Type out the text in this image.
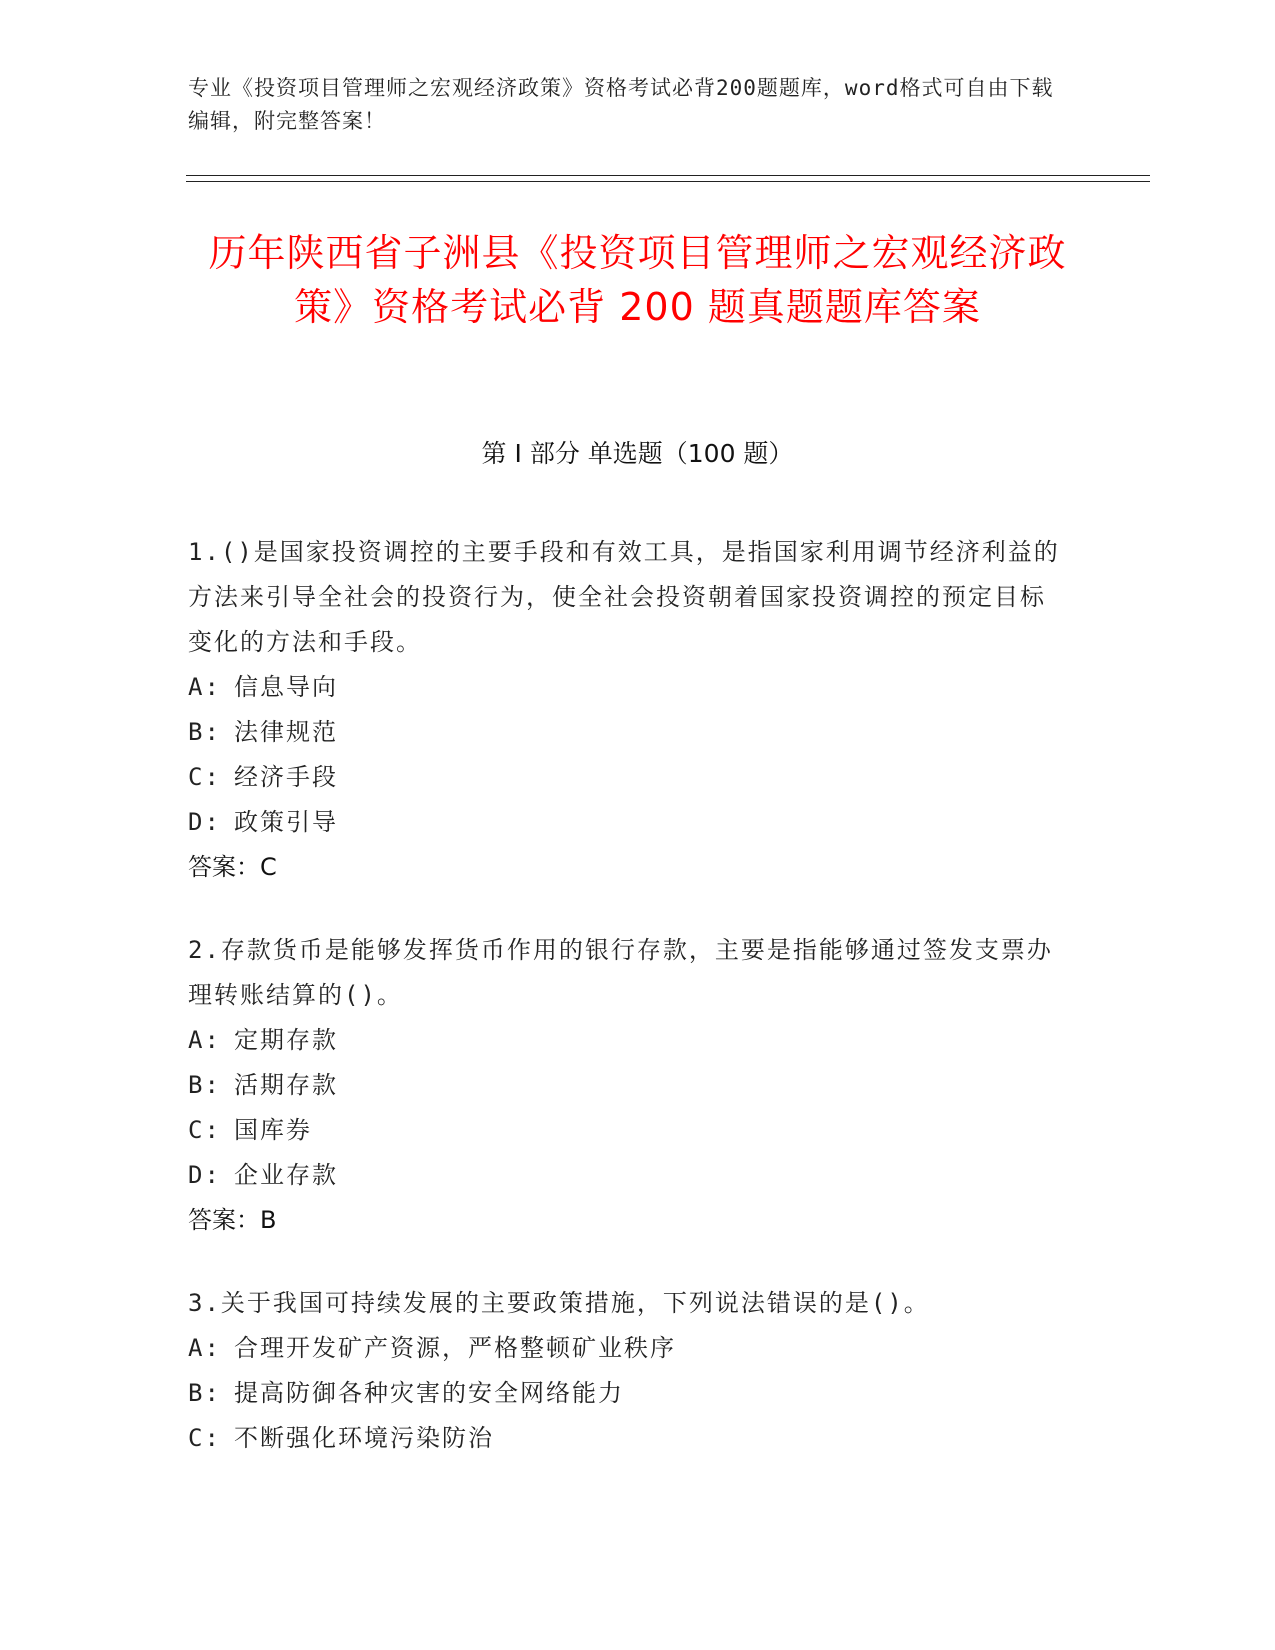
专业《投资项目管理师之宏观经济政策》资格考试必背200题题库，word格式可自由下载编辑，附完整答案！
历年陕西省子洲县《投资项目管理师之宏观经济政策》资格考试必背 200 题真题题库答案
第 I 部分 单选题（100 题）
1.()是国家投资调控的主要手段和有效工具，是指国家利用调节经济利益的方法来引导全社会的投资行为，使全社会投资朝着国家投资调控的预定目标变化的方法和手段。
A: 信息导向
B: 法律规范
C: 经济手段
D: 政策引导
答案：C
2.存款货币是能够发挥货币作用的银行存款，主要是指能够通过签发支票办理转账结算的()。
A: 定期存款
B: 活期存款
C: 国库券
D: 企业存款
答案：B
3.关于我国可持续发展的主要政策措施，下列说法错误的是()。
A: 合理开发矿产资源，严格整顿矿业秩序
B: 提高防御各种灾害的安全网络能力
C: 不断强化环境污染防治
